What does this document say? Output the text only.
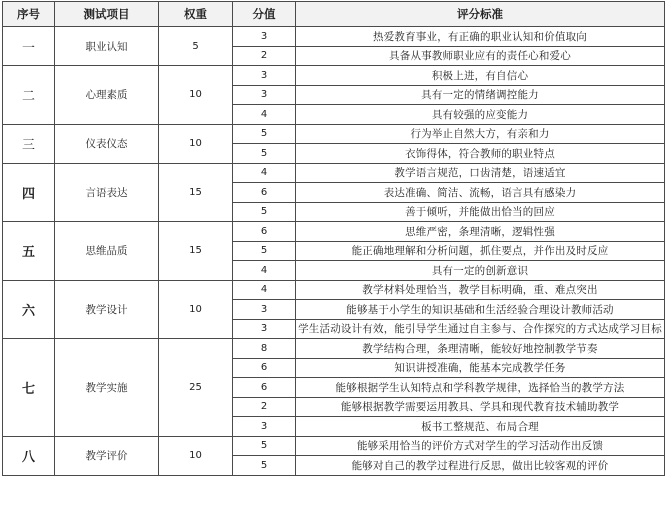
序号	测试项目	权重	分值	评分标准
一	职业认知	5	3	热爱教育事业，有正确的职业认知和价值取向
			2	具备从事教师职业应有的责任心和爱心
二	心理素质	10	3	积极上进，有自信心
			3	具有一定的情绪调控能力
			4	具有较强的应变能力
三	仪表仪态	10	5	行为举止自然大方，有亲和力
			5	衣饰得体，符合教师的职业特点
四	言语表达	15	4	教学语言规范，口齿清楚，语速适宜
			6	表达准确、简洁、流畅，语言具有感染力
			5	善于倾听，并能做出恰当的回应
五	思维品质	15	6	思维严密，条理清晰，逻辑性强
			5	能正确地理解和分析问题，抓住要点，并作出及时反应
			4	具有一定的创新意识
六	教学设计	10	4	教学材料处理恰当，教学目标明确，重、难点突出
			3	能够基于小学生的知识基础和生活经验合理设计教师活动
			3	学生活动设计有效，能引导学生通过自主参与、合作探究的方式达成学习目标
七	教学实施	25	8	教学结构合理，条理清晰，能较好地控制教学节奏
			6	知识讲授准确，能基本完成教学任务
			6	能够根据学生认知特点和学科教学规律，选择恰当的教学方法
			2	能够根据教学需要运用教具、学具和现代教育技术辅助教学
			3	板书工整规范、布局合理
八	教学评价	10	5	能够采用恰当的评价方式对学生的学习活动作出反馈
			5	能够对自己的教学过程进行反思，做出比较客观的评价
